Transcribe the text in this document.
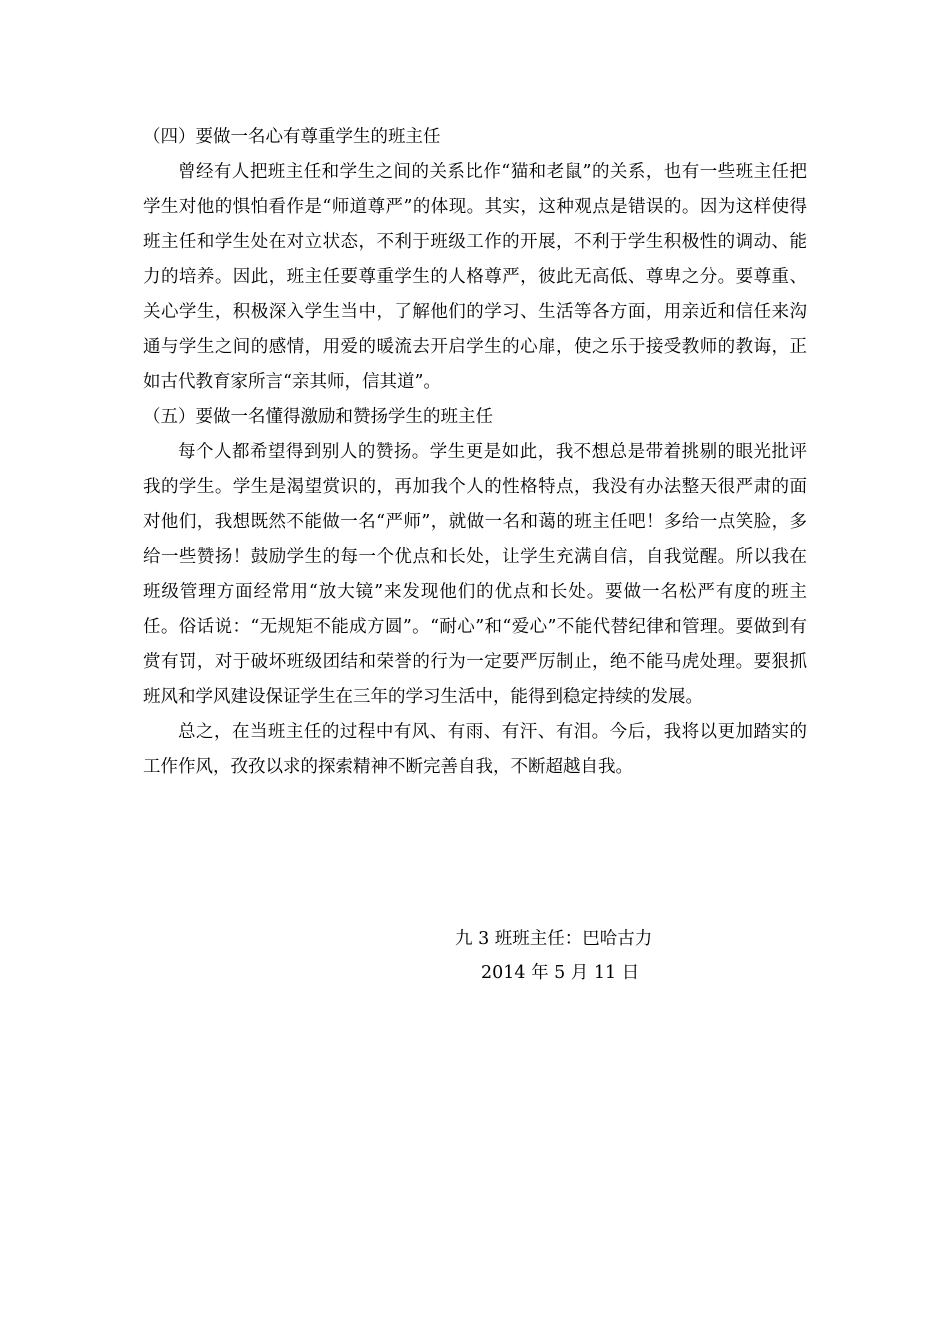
（四）要做一名心有尊重学生的班主任

曾经有人把班主任和学生之间的关系比作“猫和老鼠”的关系，也有一些班主任把学生对他的惧怕看作是“师道尊严”的体现。其实，这种观点是错误的。因为这样使得班主任和学生处在对立状态，不利于班级工作的开展，不利于学生积极性的调动、能力的培养。因此，班主任要尊重学生的人格尊严，彼此无高低、尊卑之分。要尊重、关心学生，积极深入学生当中，了解他们的学习、生活等各方面，用亲近和信任来沟通与学生之间的感情，用爱的暖流去开启学生的心扉，使之乐于接受教师的教诲，正如古代教育家所言“亲其师，信其道”。

（五）要做一名懂得激励和赞扬学生的班主任

每个人都希望得到别人的赞扬。学生更是如此，我不想总是带着挑剔的眼光批评我的学生。学生是渴望赏识的，再加我个人的性格特点，我没有办法整天很严肃的面对他们，我想既然不能做一名“严师”，就做一名和蔼的班主任吧！多给一点笑脸，多给一些赞扬！鼓励学生的每一个优点和长处，让学生充满自信，自我觉醒。所以我在班级管理方面经常用“放大镜”来发现他们的优点和长处。要做一名松严有度的班主任。俗话说：“无规矩不能成方圆”。“耐心”和“爱心”不能代替纪律和管理。要做到有赏有罚，对于破坏班级团结和荣誉的行为一定要严厉制止，绝不能马虎处理。要狠抓班风和学风建设保证学生在三年的学习生活中，能得到稳定持续的发展。

总之，在当班主任的过程中有风、有雨、有汗、有泪。今后，我将以更加踏实的工作作风，孜孜以求的探索精神不断完善自我，不断超越自我。

九 3 班班主任：巴哈古力

2014 年 5 月 11 日
